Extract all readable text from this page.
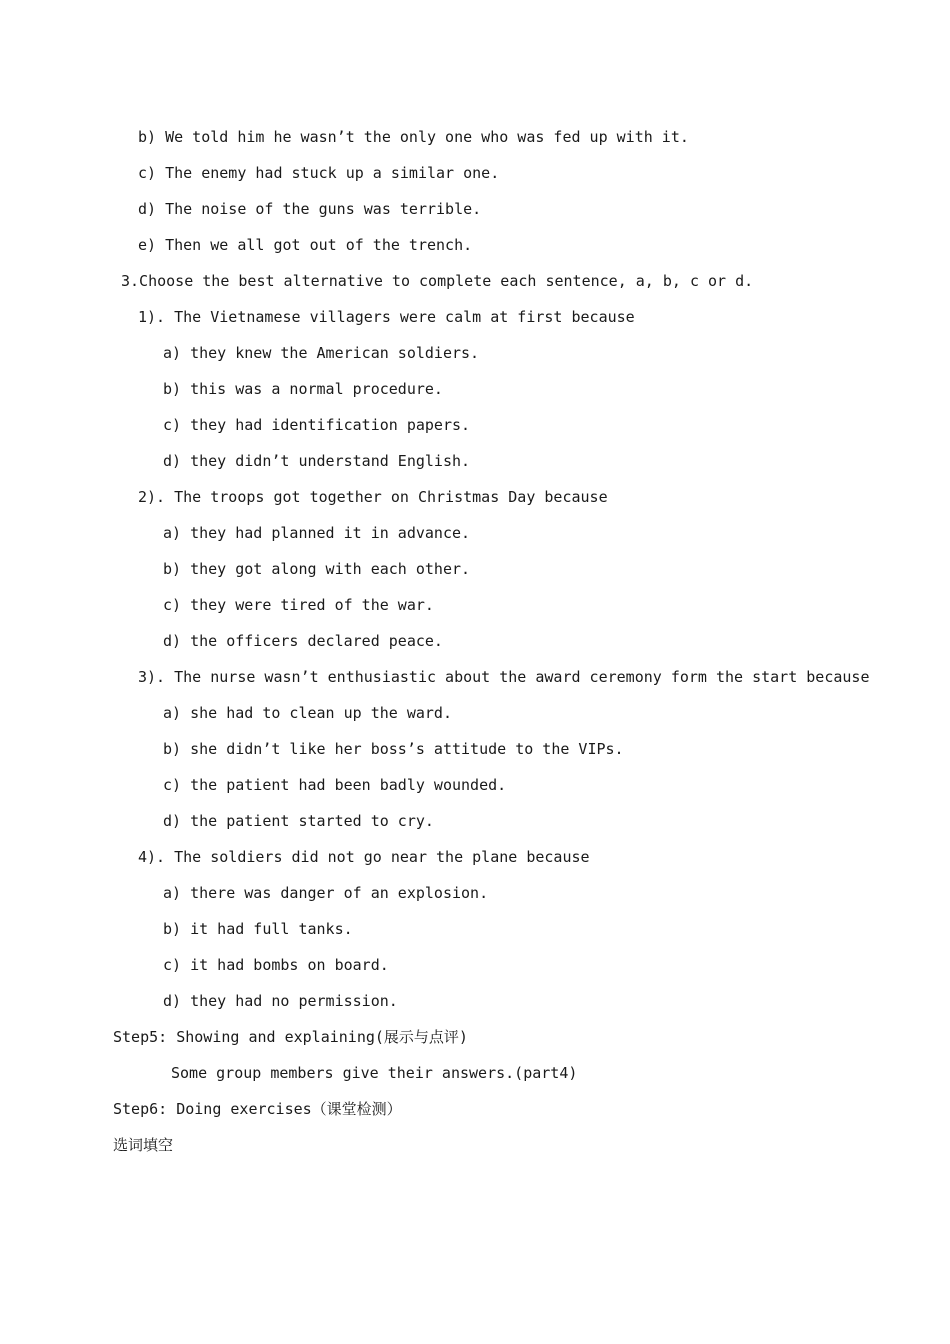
b) We told him he wasn’t the only one who was fed up with it.
c) The enemy had stuck up a similar one.
d) The noise of the guns was terrible.
e) Then we all got out of the trench.
3.Choose the best alternative to complete each sentence, a, b, c or d.
1). The Vietnamese villagers were calm at first because
a) they knew the American soldiers.
b) this was a normal procedure.
c) they had identification papers.
d) they didn’t understand English.
2). The troops got together on Christmas Day because
a) they had planned it in advance.
b) they got along with each other.
c) they were tired of the war.
d) the officers declared peace.
3). The nurse wasn’t enthusiastic about the award ceremony form the start because
a) she had to clean up the ward.
b) she didn’t like her boss’s attitude to the VIPs.
c) the patient had been badly wounded.
d) the patient started to cry.
4). The soldiers did not go near the plane because
a) there was danger of an explosion.
b) it had full tanks.
c) it had bombs on board.
d) they had no permission.
Step5: Showing and explaining(展示与点评)
Some group members give their answers.(part4)
Step6: Doing exercises（课堂检测）
选词填空
